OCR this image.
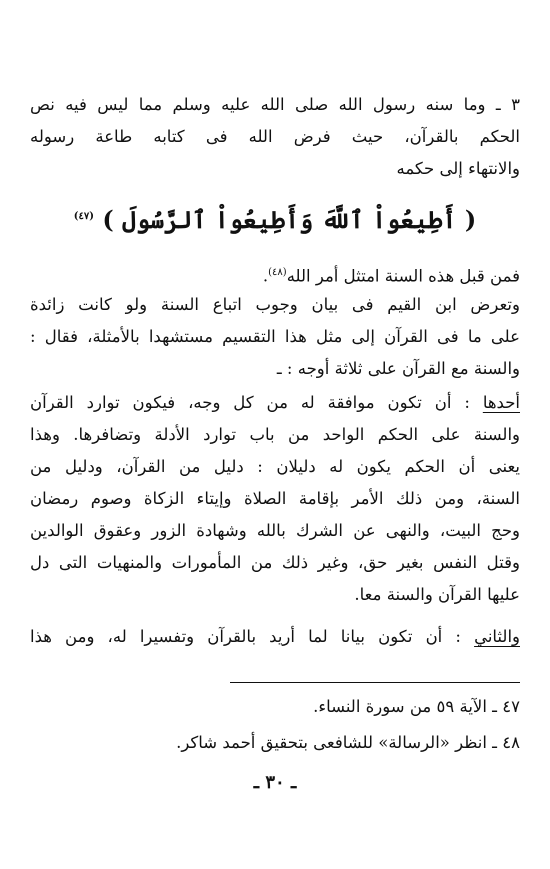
٣ ـ وما سنه رسول الله صلى الله عليه وسلم مما ليس فيه نص
الحكم بالقرآن، حيث فرض الله فى كتابه طاعة رسوله
والانتهاء إلى حكمه
( أَطِيعُواْ ٱللَّهَ وَأَطِيعُواْ ٱلرَّسُولَ ) $^{(٤٧)}$
فمن قبل هذه السنة امتثل أمر الله$^{(٤٨)}$.
وتعرض ابن القيم فى بيان وجوب اتباع السنة ولو كانت زائدة
على ما فى القرآن إلى مثل هذا التقسيم مستشهدا بالأمثلة، فقال :
والسنة مع القرآن على ثلاثة أوجه : ـ
أحدها : أن تكون موافقة له من كل وجه، فيكون توارد القرآن
والسنة على الحكم الواحد من باب توارد الأدلة وتضافرها. وهذا
يعنى أن الحكم يكون له دليلان : دليل من القرآن، ودليل من
السنة، ومن ذلك الأمر بإقامة الصلاة وإيتاء الزكاة وصوم رمضان
وحج البيت، والنهى عن الشرك بالله وشهادة الزور وعقوق الوالدين
وقتل النفس بغير حق، وغير ذلك من المأمورات والمنهيات التى دل
عليها القرآن والسنة معا.
والثاني : أن تكون بيانا لما أريد بالقرآن وتفسيرا له، ومن هذا
٤٧ ـ الآية ٥٩ من سورة النساء.
٤٨ ـ انظر «الرسالة» للشافعى بتحقيق أحمد شاكر.
ـ ٣٠ ـ
